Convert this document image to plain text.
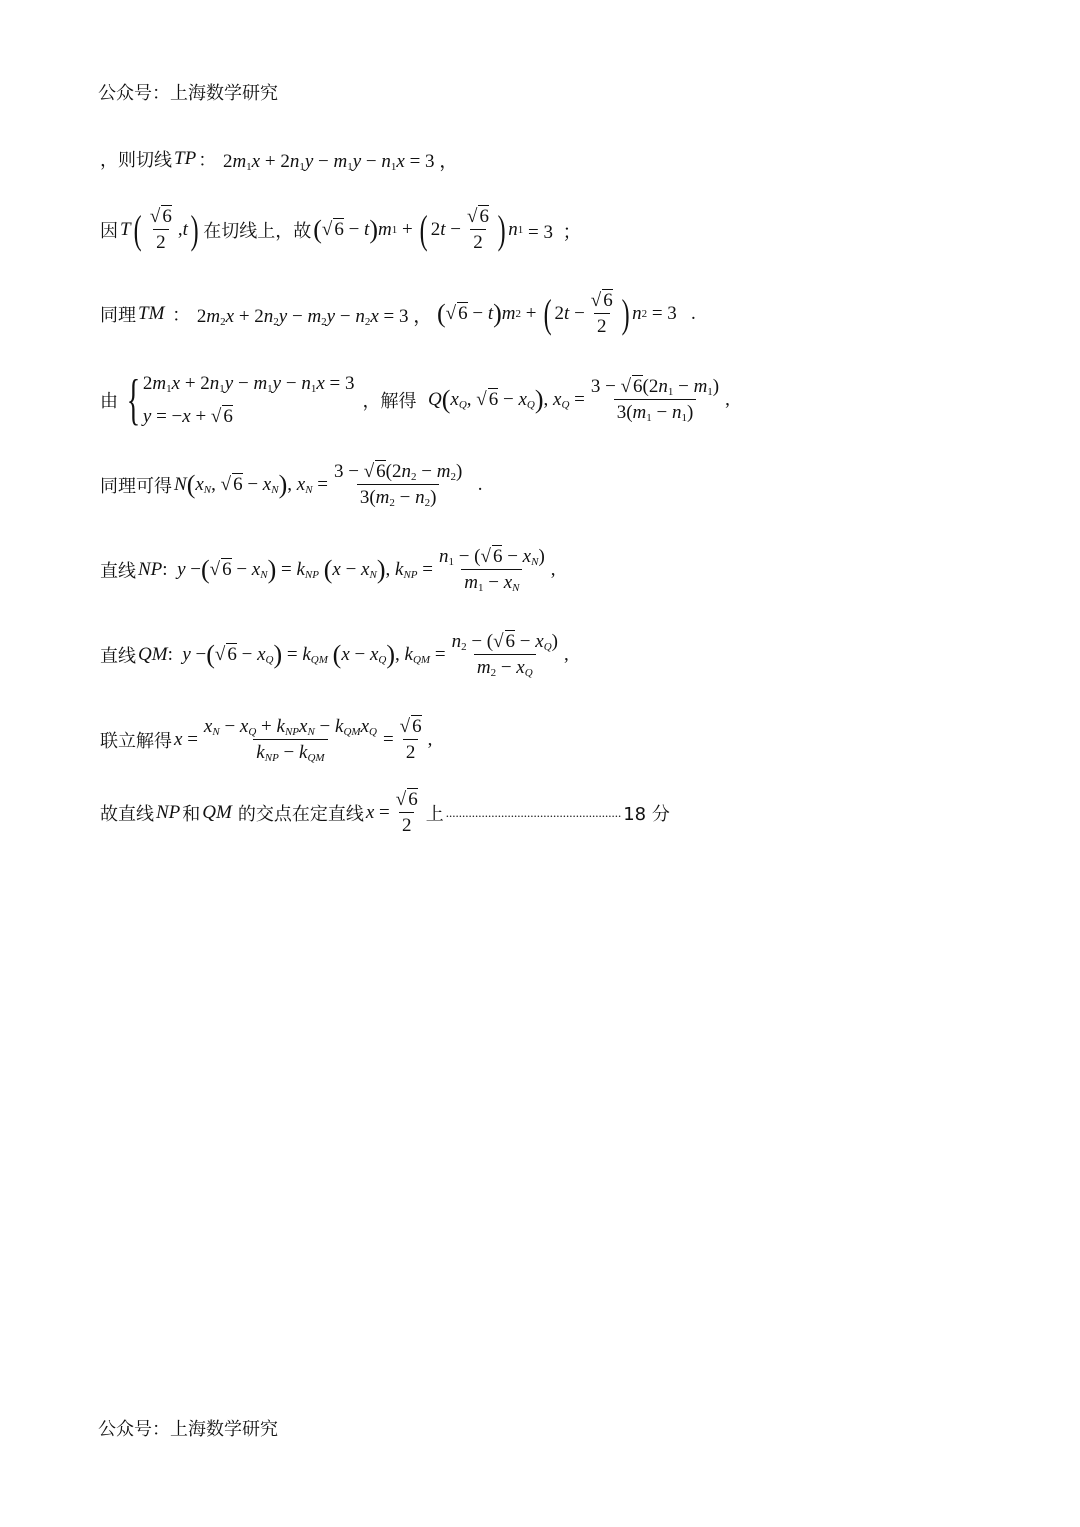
公众号：上海数学研究
，则切线 TP ： $2m_1x + 2n_1y - m_1y - n_1x = 3$ ，
因 T ( $\frac{√ 6}{2} ,t$ ) 在切线上，故 ( √ 6 − t ) m 1 + ( $2t - \frac{√ 6}{2}$ ) n 1 = 3  ；
同理 TM ： $2m_2x + 2n_2y - m_2y - n_2x = 3$ ， ( √ 6 − t ) m 2 + ( $2t - \frac{√ 6}{2}$ ) n 2 = 3   .
由 { $2m_1x + 2n_1y - m_1y - n_1x = 3$
y = −x + √ 6
，解得 Q ( $x_Q$, √ $6 - x_Q$ ) , $x_Q = \frac{3 - √ 6(2n_1 - m_1)}{3(m_1 - n_1)}$ ,
同理可得 N ( $x_N$, √ $6 - x_N$ ) , $x_N = \frac{3 - √ 6(2n_2 - m_2)}{3(m_2 - n_2)}$ .
直线 NP :  y − ( √ $6 - x_N$ ) = $k_{NP}$ ( $x - x_N$ ) , $k_{NP} = \frac{n_1 - (√ 6 - x_N)}{m_1 - x_N}$ ,
直线 QM :  y − ( √ $6 - x_Q$ ) = $k_{QM}$ ( $x - x_Q$ ) , $k_{QM} = \frac{n_2 - (√ 6 - x_Q)}{m_2 - x_Q}$ ,
联立解得 $x = \frac{x_N - x_Q + k_{NP}x_N - k_{QM}x_Q}{k_{NP} - k_{QM}} = \frac{√ 6}{2}$ ,
故直线 NP 和 QM 的交点在定直线 $x = \frac{√ 6}{2}$ 上 ...................................................... 18 分
公众号：上海数学研究
